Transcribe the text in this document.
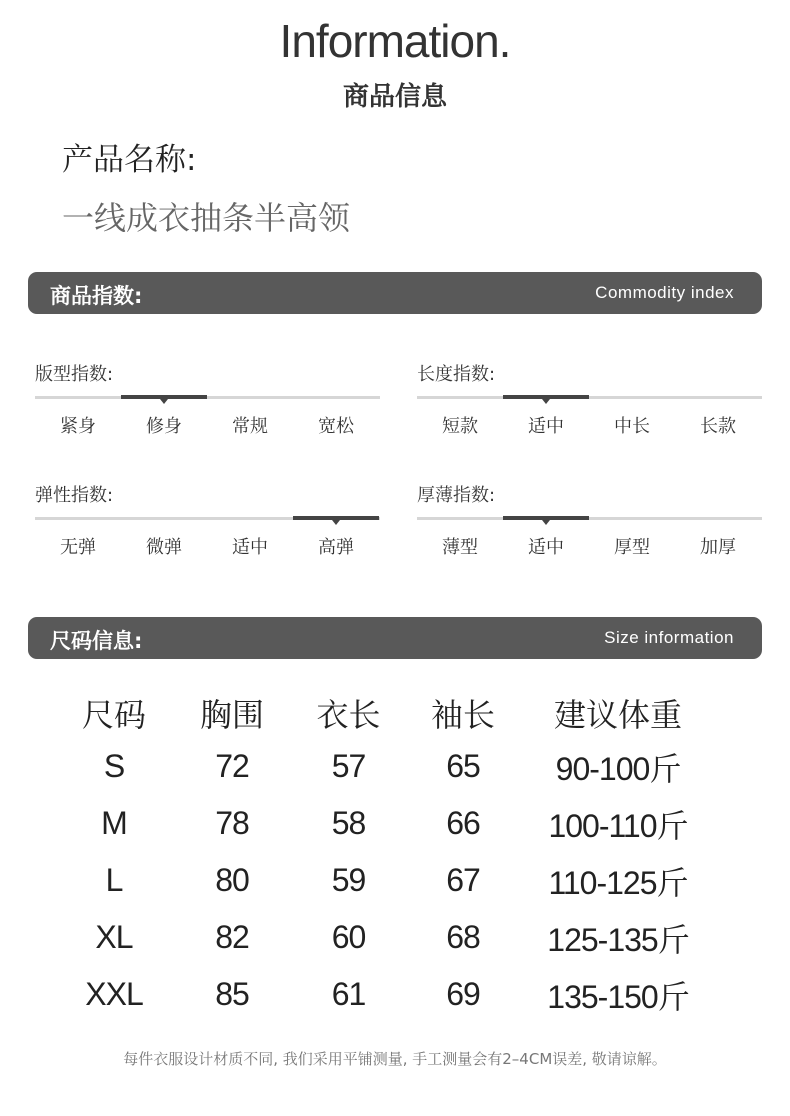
Information.
商品信息
产品名称:
一线成衣抽条半高领
商品指数:	Commodity index
版型指数:
紧身	修身	常规	宽松
长度指数:
短款	适中	中长	长款
弹性指数:
无弹	微弹	适中	高弹
厚薄指数:
薄型	适中	厚型	加厚
尺码信息:	Size information
尺码	胸围	衣长	袖长	建议体重
S	72	57	65	90-100斤
M	78	58	66	100-110斤
L	80	59	67	110-125斤
XL	82	60	68	125-135斤
XXL	85	61	69	135-150斤
每件衣服设计材质不同, 我们采用平铺测量, 手工测量会有2–4CM误差, 敬请谅解。
